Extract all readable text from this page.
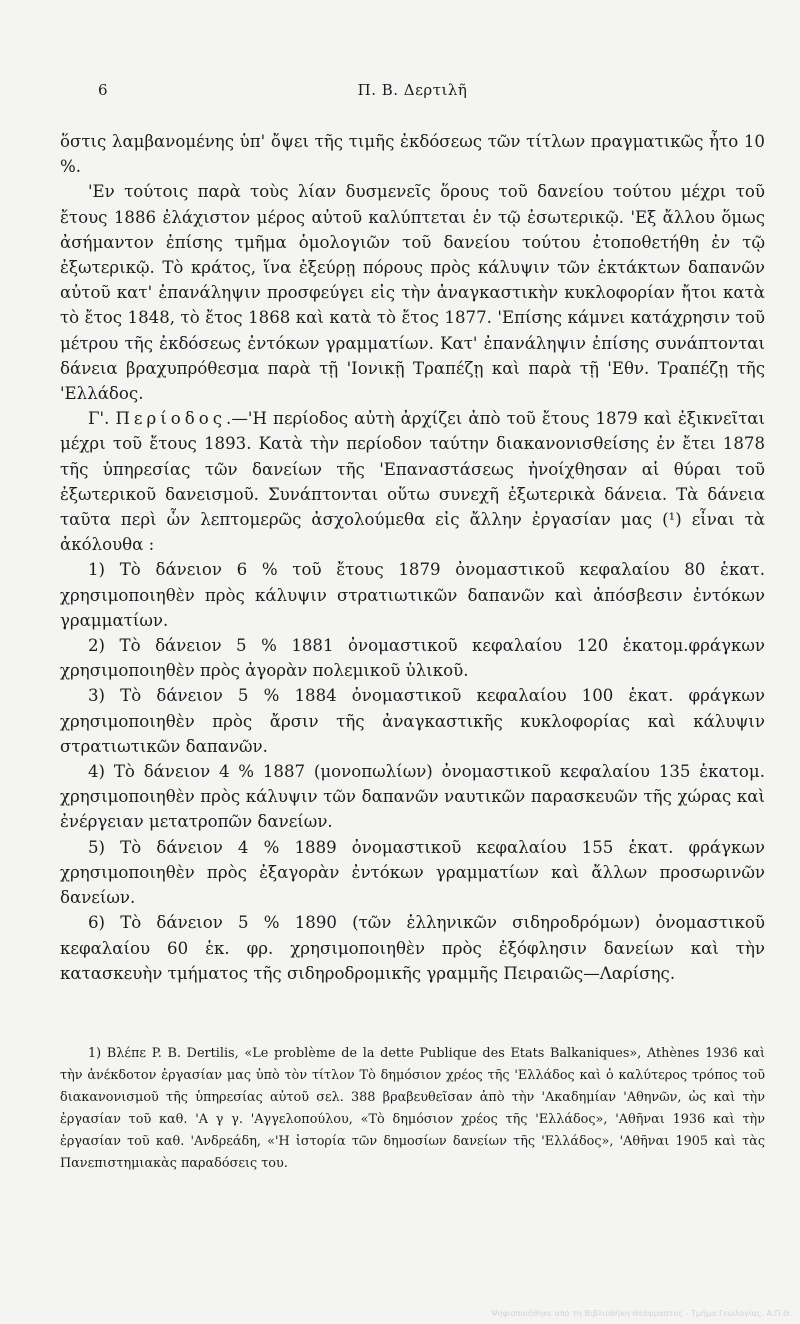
6	Π. Β. Δερτιλῆ

ὅστις λαμβανομένης ὑπ' ὄψει τῆς τιμῆς ἐκδόσεως τῶν τίτλων πραγματικῶς ἦτο 10 %.

'Εν τούτοις παρὰ τοὺς λίαν δυσμενεῖς ὅρους τοῦ δανείου τούτου μέχρι τοῦ ἔτους 1886 ἐλάχιστον μέρος αὐτοῦ καλύπτεται ἐν τῷ ἐσωτερικῷ. 'Εξ ἄλλου ὅμως ἀσήμαντον ἐπίσης τμῆμα ὁμολογιῶν τοῦ δανείου τούτου ἐτοποθετήθη ἐν τῷ ἐξωτερικῷ. Τὸ κράτος, ἵνα ἐξεύρῃ πόρους πρὸς κάλυψιν τῶν ἐκτάκτων δαπανῶν αὐτοῦ κατ' ἐπανάληψιν προσφεύγει εἰς τὴν ἀναγκαστικὴν κυκλοφορίαν ἤτοι κατὰ τὸ ἔτος 1848, τὸ ἔτος 1868 καὶ κατὰ τὸ ἔτος 1877. 'Επίσης κάμνει κατάχρησιν τοῦ μέτρου τῆς ἐκδόσεως ἐντόκων γραμματίων. Κατ' ἐπανάληψιν ἐπίσης συνάπτονται δάνεια βραχυπρόθεσμα παρὰ τῇ 'Ιονικῇ Τραπέζῃ καὶ παρὰ τῇ 'Εθν. Τραπέζῃ τῆς 'Ελλάδος.

Γ'. Περίοδος.—'Η περίοδος αὐτὴ ἀρχίζει ἀπὸ τοῦ ἔτους 1879 καὶ ἐξικνεῖται μέχρι τοῦ ἔτους 1893. Κατὰ τὴν περίοδον ταύτην διακανονισθείσης ἐν ἔτει 1878 τῆς ὑπηρεσίας τῶν δανείων τῆς 'Επαναστάσεως ἠνοίχθησαν αἱ θύραι τοῦ ἐξωτερικοῦ δανεισμοῦ. Συνάπτονται οὕτω συνεχῆ ἐξωτερικὰ δάνεια. Τὰ δάνεια ταῦτα περὶ ὧν λεπτομερῶς ἀσχολούμεθα εἰς ἄλλην ἐργασίαν μας (¹) εἶναι τὰ ἀκόλουθα :

1) Τὸ δάνειον 6 % τοῦ ἔτους 1879 ὀνομαστικοῦ κεφαλαίου 80 ἑκατ. χρησιμοποιηθὲν πρὸς κάλυψιν στρατιωτικῶν δαπανῶν καὶ ἀπόσβεσιν ἐντόκων γραμματίων.

2) Τὸ δάνειον 5 % 1881 ὀνομαστικοῦ κεφαλαίου 120 ἑκατομ.φράγκων χρησιμοποιηθὲν πρὸς ἀγορὰν πολεμικοῦ ὑλικοῦ.

3) Τὸ δάνειον 5 % 1884 ὀνομαστικοῦ κεφαλαίου 100 ἑκατ. φράγκων χρησιμοποιηθὲν πρὸς ἄρσιν τῆς ἀναγκαστικῆς κυκλοφορίας καὶ κάλυψιν στρατιωτικῶν δαπανῶν.

4) Τὸ δάνειον 4 % 1887 (μονοπωλίων) ὀνομαστικοῦ κεφαλαίου 135 ἑκατομ. χρησιμοποιηθὲν πρὸς κάλυψιν τῶν δαπανῶν ναυτικῶν παρασκευῶν τῆς χώρας καὶ ἐνέργειαν μετατροπῶν δανείων.

5) Τὸ δάνειον 4 % 1889 ὀνομαστικοῦ κεφαλαίου 155 ἑκατ. φράγκων χρησιμοποιηθὲν πρὸς ἐξαγορὰν ἐντόκων γραμματίων καὶ ἄλλων προσωρινῶν δανείων.

6) Τὸ δάνειον 5 % 1890 (τῶν ἑλληνικῶν σιδηροδρόμων) ὀνομαστικοῦ κεφαλαίου 60 ἑκ. φρ. χρησιμοποιηθὲν πρὸς ἐξόφλησιν δανείων καὶ τὴν κατασκευὴν τμήματος τῆς σιδηροδρομικῆς γραμμῆς Πειραιῶς—Λαρίσης.

1) Βλέπε P. B. Dertilis, «Le problème de la dette Publique des Etats Balkaniques», Athènes 1936 καὶ τὴν ἀνέκδοτον ἐργασίαν μας ὑπὸ τὸν τίτλον Τὸ δημόσιον χρέος τῆς 'Ελλάδος καὶ ὁ καλύτερος τρόπος τοῦ διακανονισμοῦ τῆς ὑπηρεσίας αὐτοῦ σελ. 388 βραβευθεῖσαν ἀπὸ τὴν 'Ακαδημίαν 'Αθηνῶν, ὡς καὶ τὴν ἐργασίαν τοῦ καθ. 'Α γ γ. 'Αγγελοπούλου, «Τὸ δημόσιον χρέος τῆς 'Ελλάδος», 'Αθῆναι 1936 καὶ τὴν ἐργασίαν τοῦ καθ. 'Ανδρεάδη, «'Η ἱστορία τῶν δημοσίων δανείων τῆς 'Ελλάδος», 'Αθῆναι 1905 καὶ τὰς Πανεπιστημιακὰς παραδόσεις του.

Ψηφιοποιήθηκε από τη Βιβλιοθήκη Θεόφραστος - Τμήμα Γεωλογίας. Α.Π.Θ.
